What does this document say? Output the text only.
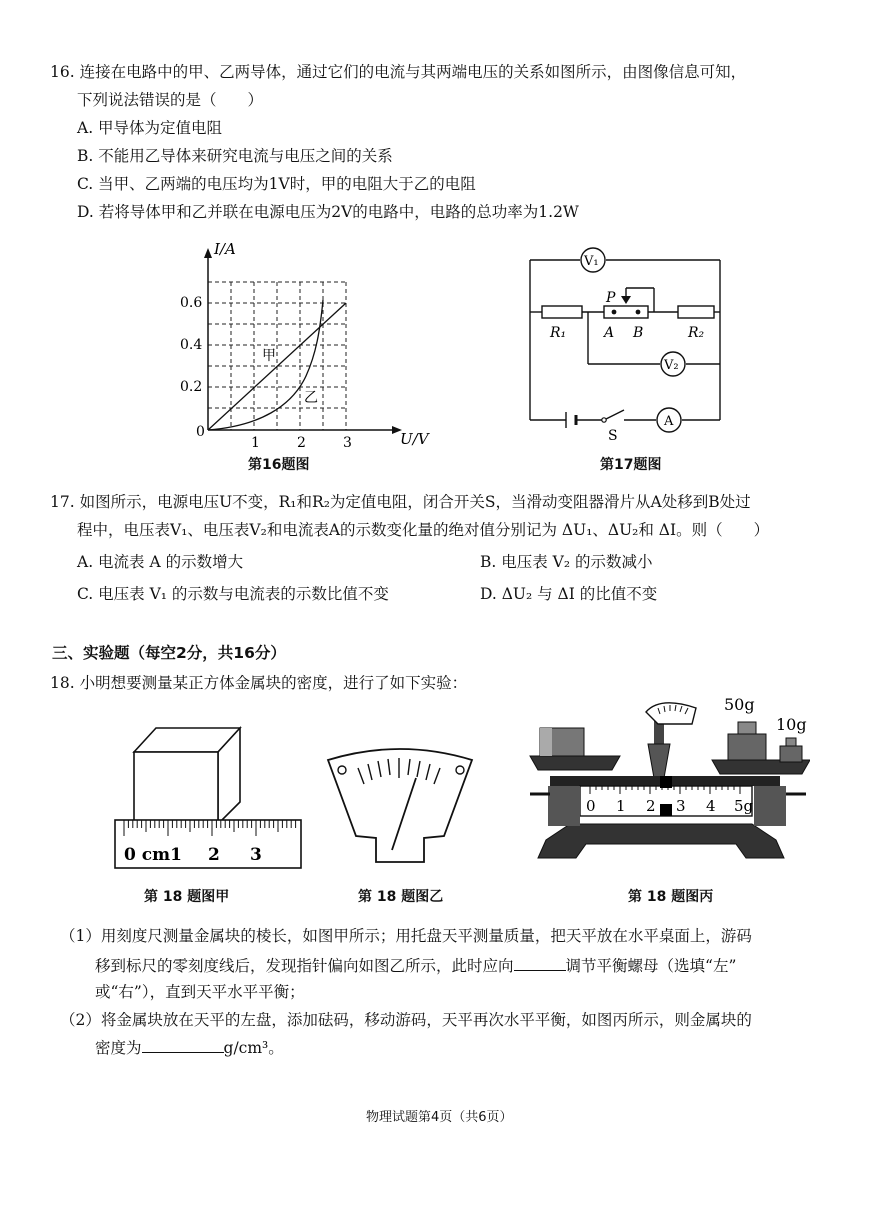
16. 连接在电路中的甲、乙两导体，通过它们的电流与其两端电压的关系如图所示，由图像信息可知，
下列说法错误的是（　　）
A. 甲导体为定值电阻
B. 不能用乙导体来研究电流与电压之间的关系
C. 当甲、乙两端的电压均为1V时，甲的电阻大于乙的电阻
D. 若将导体甲和乙并联在电源电压为2V的电路中，电路的总功率为1.2W
I/A
U/V
0.6
0.4
0.2
0
1	2	3
甲
乙
第16题图
V₁
V₂
A
R₁	R₂
P
A B
S
第17题图
17. 如图所示，电源电压U不变，R₁和R₂为定值电阻，闭合开关S，当滑动变阻器滑片从A处移到B处过
程中，电压表V₁、电压表V₂和电流表A的示数变化量的绝对值分别记为 ΔU₁、ΔU₂和 ΔI。则（　　）
A. 电流表 A 的示数增大	B. 电压表 V₂ 的示数减小
C. 电压表 V₁ 的示数与电流表的示数比值不变	D. ΔU₂ 与 ΔI 的比值不变
三、实验题（每空2分，共16分）
18. 小明想要测量某正方体金属块的密度，进行了如下实验：
0 cm1 2 3
第 18 题图甲	第 18 题图乙
50g
10g
0 1 2 3 4 5g
第 18 题图丙
（1）用刻度尺测量金属块的棱长，如图甲所示；用托盘天平测量质量，把天平放在水平桌面上，游码
移到标尺的零刻度线后，发现指针偏向如图乙所示，此时应向	调节平衡螺母（选填“左”
或“右”），直到天平水平平衡；
（2）将金属块放在天平的左盘，添加砝码，移动游码，天平再次水平平衡，如图丙所示，则金属块的
密度为	g/cm³。
物理试题第4页（共6页）
